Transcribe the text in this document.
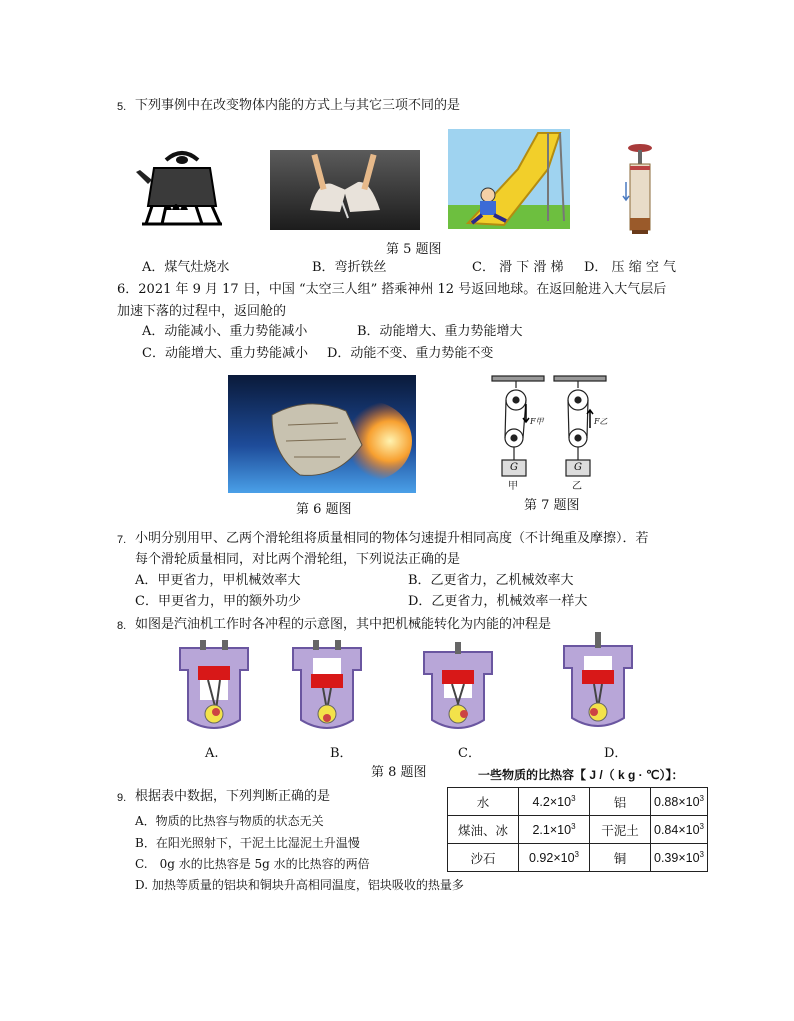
5. 下列事例中在改变物体内能的方式上与其它三项不同的是
第 5 题图
A．煤气灶烧水	B．弯折铁丝	C． 滑 下 滑 梯 D． 压 缩 空 气
6．2021 年 9 月 17 日，中国 “太空三人组” 搭乘神州 12 号返回地球。在返回舱进入大气层后
加速下落的过程中，返回舱的
A．动能减小、重力势能减小	B．动能增大、重力势能增大
C．动能增大、重力势能减小 D．动能不变、重力势能不变
第 6 题图
F甲	F乙
G	G
甲	乙
第 7 题图
7. 小明分别用甲、乙两个滑轮组将质量相同的物体匀速提升相同高度（不计绳重及摩擦）．若
每个滑轮质量相同，对比两个滑轮组，下列说法正确的是
A．甲更省力，甲机械效率大	B．乙更省力，乙机械效率大
C．甲更省力，甲的额外功少	D．乙更省力，机械效率一样大
8. 如图是汽油机工作时各冲程的示意图，其中把机械能转化为内能的冲程是
A.	B．	C．	D．
第 8 题图	一些物质的比热容【 J /（ k g · ℃）】：
9. 根据表中数据，下列判断正确的是
A．物质的比热容与物质的状态无关
B．在阳光照射下，干泥土比湿泥土升温慢
C.　0g 水的比热容是 5g 水的比热容的两倍
D. 加热等质量的铝块和铜块升高相同温度，铝块吸收的热量多
水	$4.2\times 10^3$	铝	$0.88\times 10^3$
煤油、冰	$2.1\times 10^3$	干泥土	$0.84\times 10^3$
沙石	$0.92\times 10^3$	铜	$0.39\times 10^3$
